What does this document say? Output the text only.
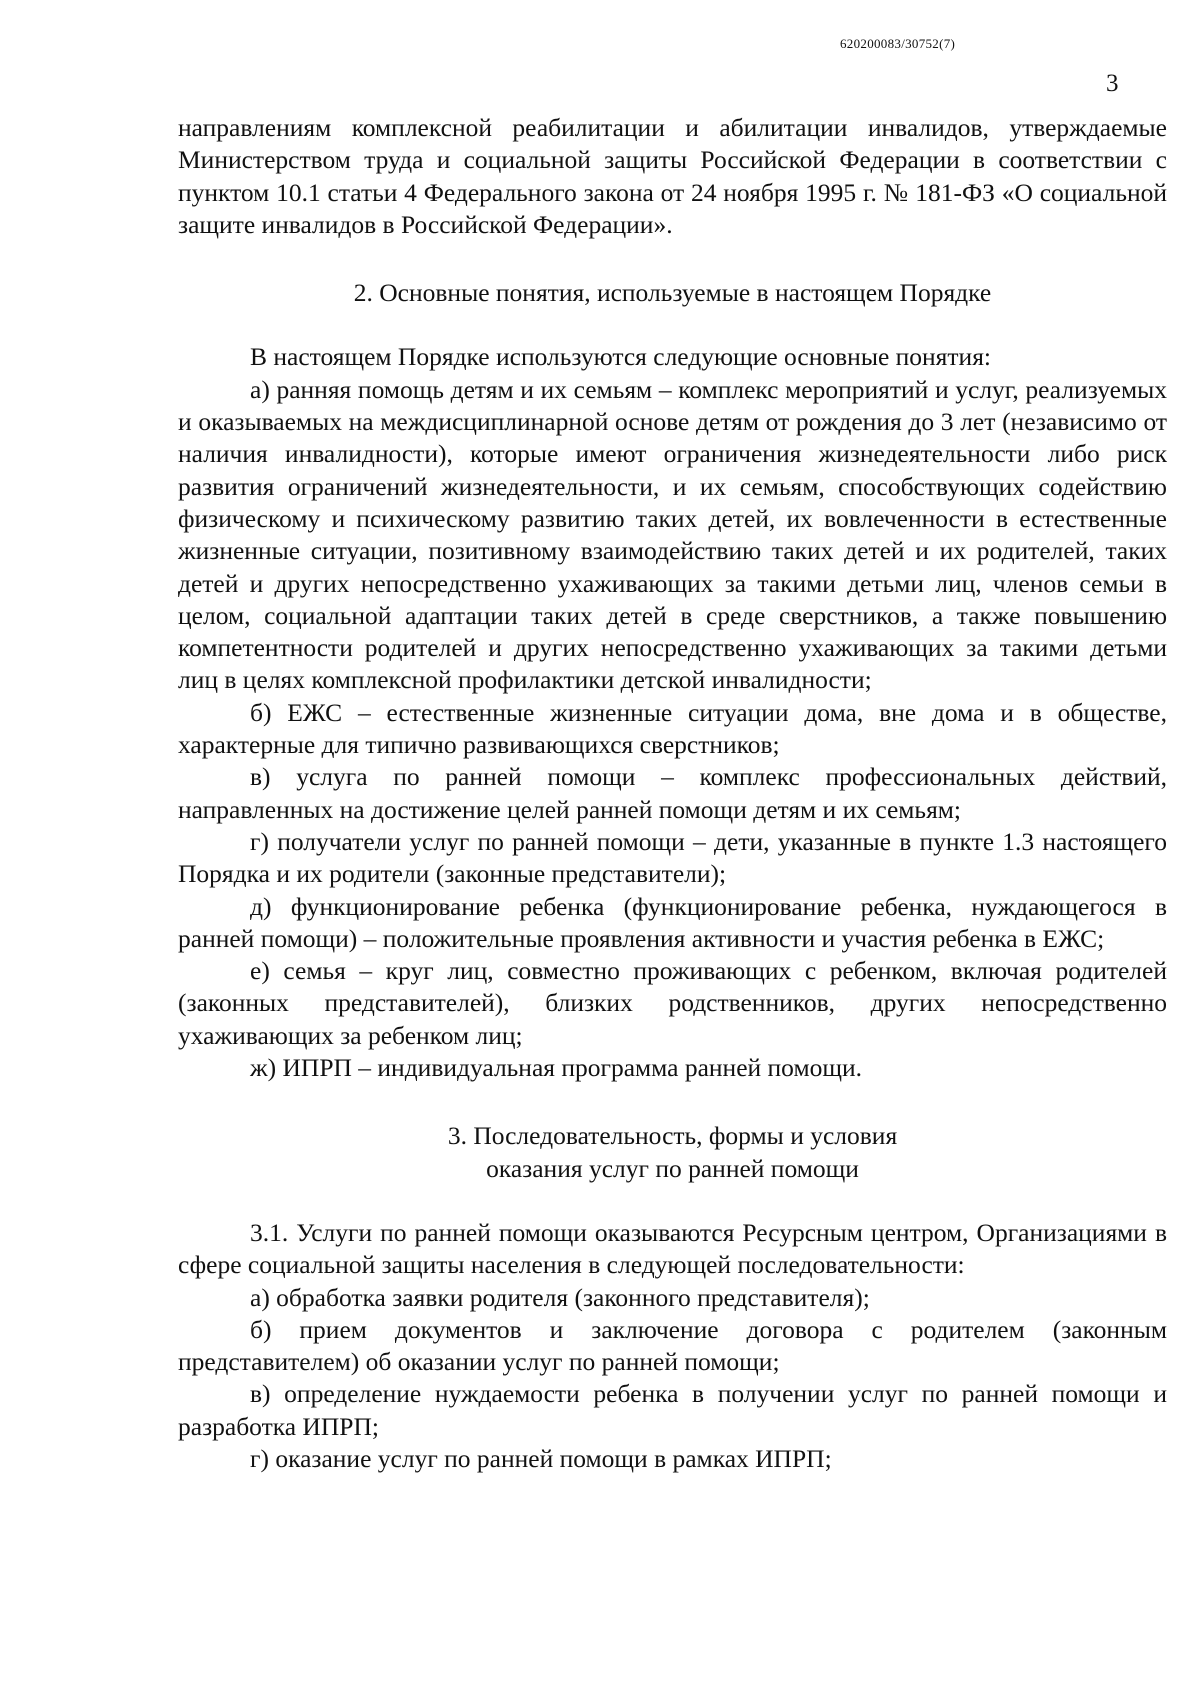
620200083/30752(7)
3

направлениям комплексной реабилитации и абилитации инвалидов, утверждаемые Министерством труда и социальной защиты Российской Федерации в соответствии с пунктом 10.1 статьи 4 Федерального закона от 24 ноября 1995 г. № 181-ФЗ «О социальной защите инвалидов в Российской Федерации».

2. Основные понятия, используемые в настоящем Порядке

В настоящем Порядке используются следующие основные понятия:

а) ранняя помощь детям и их семьям – комплекс мероприятий и услуг, реализуемых и оказываемых на междисциплинарной основе детям от рождения до 3 лет (независимо от наличия инвалидности), которые имеют ограничения жизнедеятельности либо риск развития ограничений жизнедеятельности, и их семьям, способствующих содействию физическому и психическому развитию таких детей, их вовлеченности в естественные жизненные ситуации, позитивному взаимодействию таких детей и их родителей, таких детей и других непосредственно ухаживающих за такими детьми лиц, членов семьи в целом, социальной адаптации таких детей в среде сверстников, а также повышению компетентности родителей и других непосредственно ухаживающих за такими детьми лиц в целях комплексной профилактики детской инвалидности;

б) ЕЖС – естественные жизненные ситуации дома, вне дома и в обществе, характерные для типично развивающихся сверстников;

в) услуга по ранней помощи – комплекс профессиональных действий, направленных на достижение целей ранней помощи детям и их семьям;

г) получатели услуг по ранней помощи – дети, указанные в пункте 1.3 настоящего Порядка и их родители (законные представители);

д) функционирование ребенка (функционирование ребенка, нуждающегося в ранней помощи) – положительные проявления активности и участия ребенка в ЕЖС;

е) семья – круг лиц, совместно проживающих с ребенком, включая родителей (законных представителей), близких родственников, других непосредственно ухаживающих за ребенком лиц;

ж) ИПРП – индивидуальная программа ранней помощи.

3. Последовательность, формы и условия

оказания услуг по ранней помощи

3.1. Услуги по ранней помощи оказываются Ресурсным центром, Организациями в сфере социальной защиты населения в следующей последовательности:

а) обработка заявки родителя (законного представителя);

б) прием документов и заключение договора с родителем (законным представителем) об оказании услуг по ранней помощи;

в) определение нуждаемости ребенка в получении услуг по ранней помощи и разработка ИПРП;

г) оказание услуг по ранней помощи в рамках ИПРП;
